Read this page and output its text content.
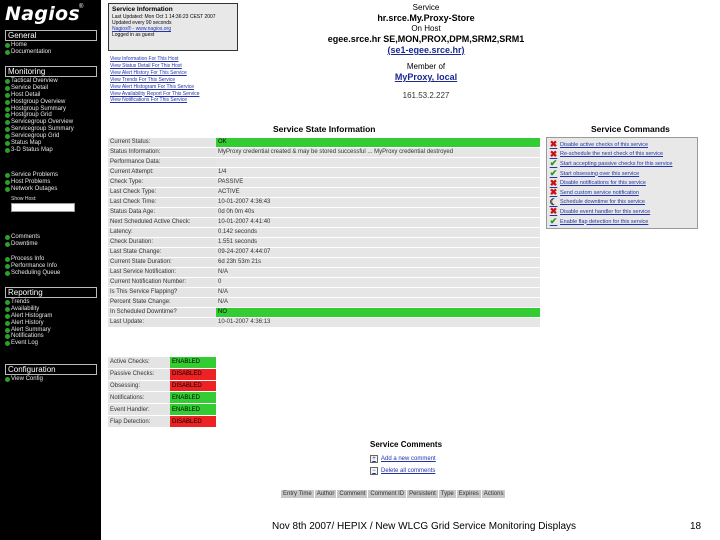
Nagios ®
General
Home
Documentation
Monitoring
Tactical Overview
Service Detail
Host Detail
Hostgroup Overview
Hostgroup Summary
Hostgroup Grid
Servicegroup Overview
Servicegroup Summary
Servicegroup Grid
Status Map
3-D Status Map
Service Problems
Host Problems
Network Outages
Show Host:
Comments
Downtime
Process Info
Performance Info
Scheduling Queue
Reporting
Trends
Availability
Alert Histogram
Alert History
Alert Summary
Notifications
Event Log
Configuration
View Config
Service Information
Last Updated: Mon Oct 1 14:36:23 CEST 2007
Updated every 90 seconds
Nagios® - www.nagios.org
Logged in as guest
View Information For This Host
View Status Detail For This Host
View Alert History For This Service
View Trends For This Service
View Alert Histogram For This Service
View Availability Report For This Service
View Notifications For This Service
Service
hr.srce.My.Proxy-Store
On Host
egee.srce.hr SE,MON,PROX,DPM,SRM2,SRM1
(se1-egee.srce.hr)
Member of
MyProxy, local
161.53.2.227
Service State Information
Current Status:	OK
Status Information:	MyProxy credential created & may be stored successful ... MyProxy credential destroyed
Performance Data:	
Current Attempt:	1/4
Check Type:	PASSIVE
Last Check Type:	ACTIVE
Last Check Time:	10-01-2007 4:36:43
Status Data Age:	0d 0h 0m 40s
Next Scheduled Active Check:	10-01-2007 4:41:40
Latency:	0.142 seconds
Check Duration:	1.551 seconds
Last State Change:	09-24-2007 4:44:07
Current State Duration:	6d 23h 53m 21s
Last Service Notification:	N/A
Current Notification Number:	0
Is This Service Flapping?	N/A
Percent State Change:	N/A
In Scheduled Downtime?	NO
Last Update:	10-01-2007 4:36:13
Active Checks:	ENABLED
Passive Checks:	DISABLED
Obsessing:	DISABLED
Notifications:	ENABLED
Event Handler:	ENABLED
Flap Detection:	DISABLED
Service Commands
✖ Disable active checks of this service
✖ Re-schedule the next check of this service
✔ Start accepting passive checks for this service
✔ Start obsessing over this service
✖ Disable notifications for this service
✖ Send custom service notification
☾ Schedule downtime for this service
✖ Disable event handler for this service
✔ Enable flap detection for this service
Service Comments
+ Add a new comment
− Delete all comments
Entry Time	Author	Comment	Comment ID	Persistent	Type	Expires	Actions
Nov 8th 2007/ HEPIX / New WLCG Grid Service Monitoring Displays	18
